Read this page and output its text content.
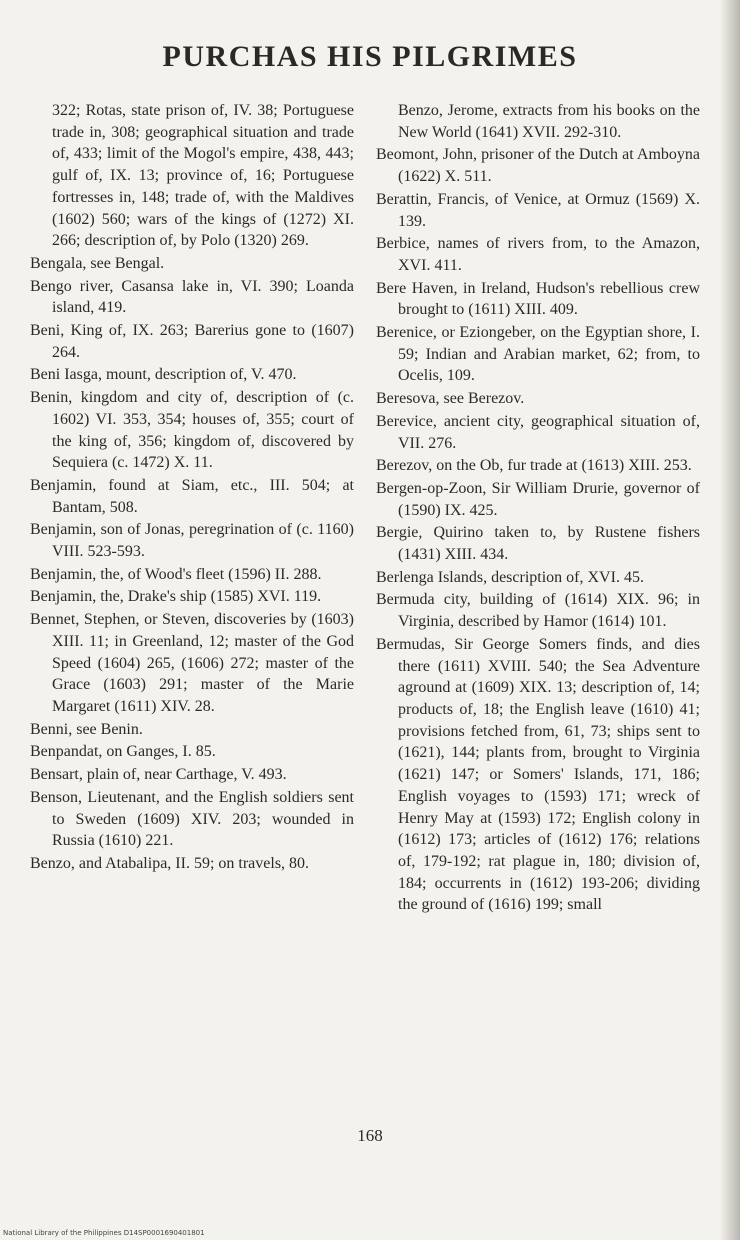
PURCHAS HIS PILGRIMES

322; Rotas, state prison of, IV. 38; Portuguese trade in, 308; geographical situation and trade of, 433; limit of the Mogol's empire, 438, 443; gulf of, IX. 13; province of, 16; Portuguese fortresses in, 148; trade of, with the Maldives (1602) 560; wars of the kings of (1272) XI. 266; description of, by Polo (1320) 269.

Bengala, see Bengal.

Bengo river, Casansa lake in, VI. 390; Loanda island, 419.

Beni, King of, IX. 263; Barerius gone to (1607) 264.

Beni Iasga, mount, description of, V. 470.

Benin, kingdom and city of, description of (c. 1602) VI. 353, 354; houses of, 355; court of the king of, 356; kingdom of, discovered by Sequiera (c. 1472) X. 11.

Benjamin, found at Siam, etc., III. 504; at Bantam, 508.

Benjamin, son of Jonas, peregrination of (c. 1160) VIII. 523-593.

Benjamin, the, of Wood's fleet (1596) II. 288.

Benjamin, the, Drake's ship (1585) XVI. 119.

Bennet, Stephen, or Steven, discoveries by (1603) XIII. 11; in Greenland, 12; master of the God Speed (1604) 265, (1606) 272; master of the Grace (1603) 291; master of the Marie Margaret (1611) XIV. 28.

Benni, see Benin.

Benpandat, on Ganges, I. 85.

Bensart, plain of, near Carthage, V. 493.

Benson, Lieutenant, and the English soldiers sent to Sweden (1609) XIV. 203; wounded in Russia (1610) 221.

Benzo, and Atabalipa, II. 59; on travels, 80.

Benzo, Jerome, extracts from his books on the New World (1641) XVII. 292-310.

Beomont, John, prisoner of the Dutch at Amboyna (1622) X. 511.

Berattin, Francis, of Venice, at Ormuz (1569) X. 139.

Berbice, names of rivers from, to the Amazon, XVI. 411.

Bere Haven, in Ireland, Hudson's rebellious crew brought to (1611) XIII. 409.

Berenice, or Eziongeber, on the Egyptian shore, I. 59; Indian and Arabian market, 62; from, to Ocelis, 109.

Beresova, see Berezov.

Berevice, ancient city, geographical situation of, VII. 276.

Berezov, on the Ob, fur trade at (1613) XIII. 253.

Bergen-op-Zoon, Sir William Drurie, governor of (1590) IX. 425.

Bergie, Quirino taken to, by Rustene fishers (1431) XIII. 434.

Berlenga Islands, description of, XVI. 45.

Bermuda city, building of (1614) XIX. 96; in Virginia, described by Hamor (1614) 101.

Bermudas, Sir George Somers finds, and dies there (1611) XVIII. 540; the Sea Adventure aground at (1609) XIX. 13; description of, 14; products of, 18; the English leave (1610) 41; provisions fetched from, 61, 73; ships sent to (1621), 144; plants from, brought to Virginia (1621) 147; or Somers' Islands, 171, 186; English voyages to (1593) 171; wreck of Henry May at (1593) 172; English colony in (1612) 173; articles of (1612) 176; relations of, 179-192; rat plague in, 180; division of, 184; occurrents in (1612) 193-206; dividing the ground of (1616) 199; small

168
National Library of the Philippines D14SP0001690401801
